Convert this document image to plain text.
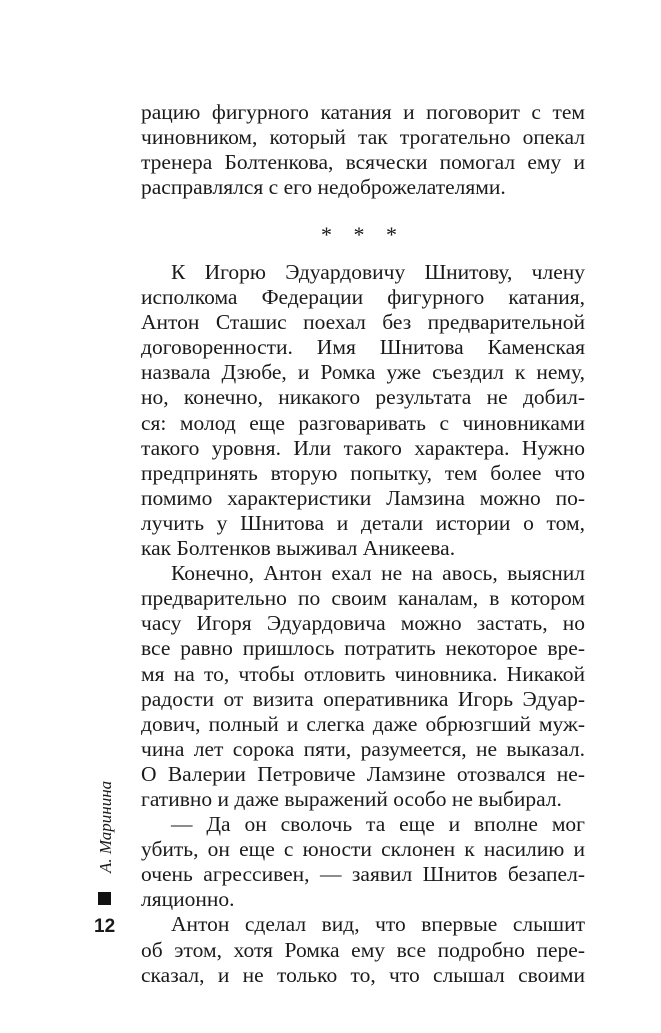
рацию фигурного катания и поговорит с тем
чиновником, который так трогательно опекал
тренера Болтенкова, всячески помогал ему и
расправлялся с его недоброжелателями.
* * *
К Игорю Эдуардовичу Шнитову, члену
исполкома Федерации фигурного катания,
Антон Сташис поехал без предварительной
договоренности. Имя Шнитова Каменская
назвала Дзюбе, и Ромка уже съездил к нему,
но, конечно, никакого результата не добил-
ся: молод еще разговаривать с чиновниками
такого уровня. Или такого характера. Нужно
предпринять вторую попытку, тем более что
помимо характеристики Ламзина можно по-
лучить у Шнитова и детали истории о том,
как Болтенков выживал Аникеева.
Конечно, Антон ехал не на авось, выяснил
предварительно по своим каналам, в котором
часу Игоря Эдуардовича можно застать, но
все равно пришлось потратить некоторое вре-
мя на то, чтобы отловить чиновника. Никакой
радости от визита оперативника Игорь Эдуар-
дович, полный и слегка даже обрюзгший муж-
чина лет сорока пяти, разумеется, не выказал.
О Валерии Петровиче Ламзине отозвался не-
гативно и даже выражений особо не выбирал.
— Да он сволочь та еще и вполне мог
убить, он еще с юности склонен к насилию и
очень агрессивен, — заявил Шнитов безапел-
ляционно.
Антон сделал вид, что впервые слышит
об этом, хотя Ромка ему все подробно пере-
сказал, и не только то, что слышал своими
А. Маринина
12
